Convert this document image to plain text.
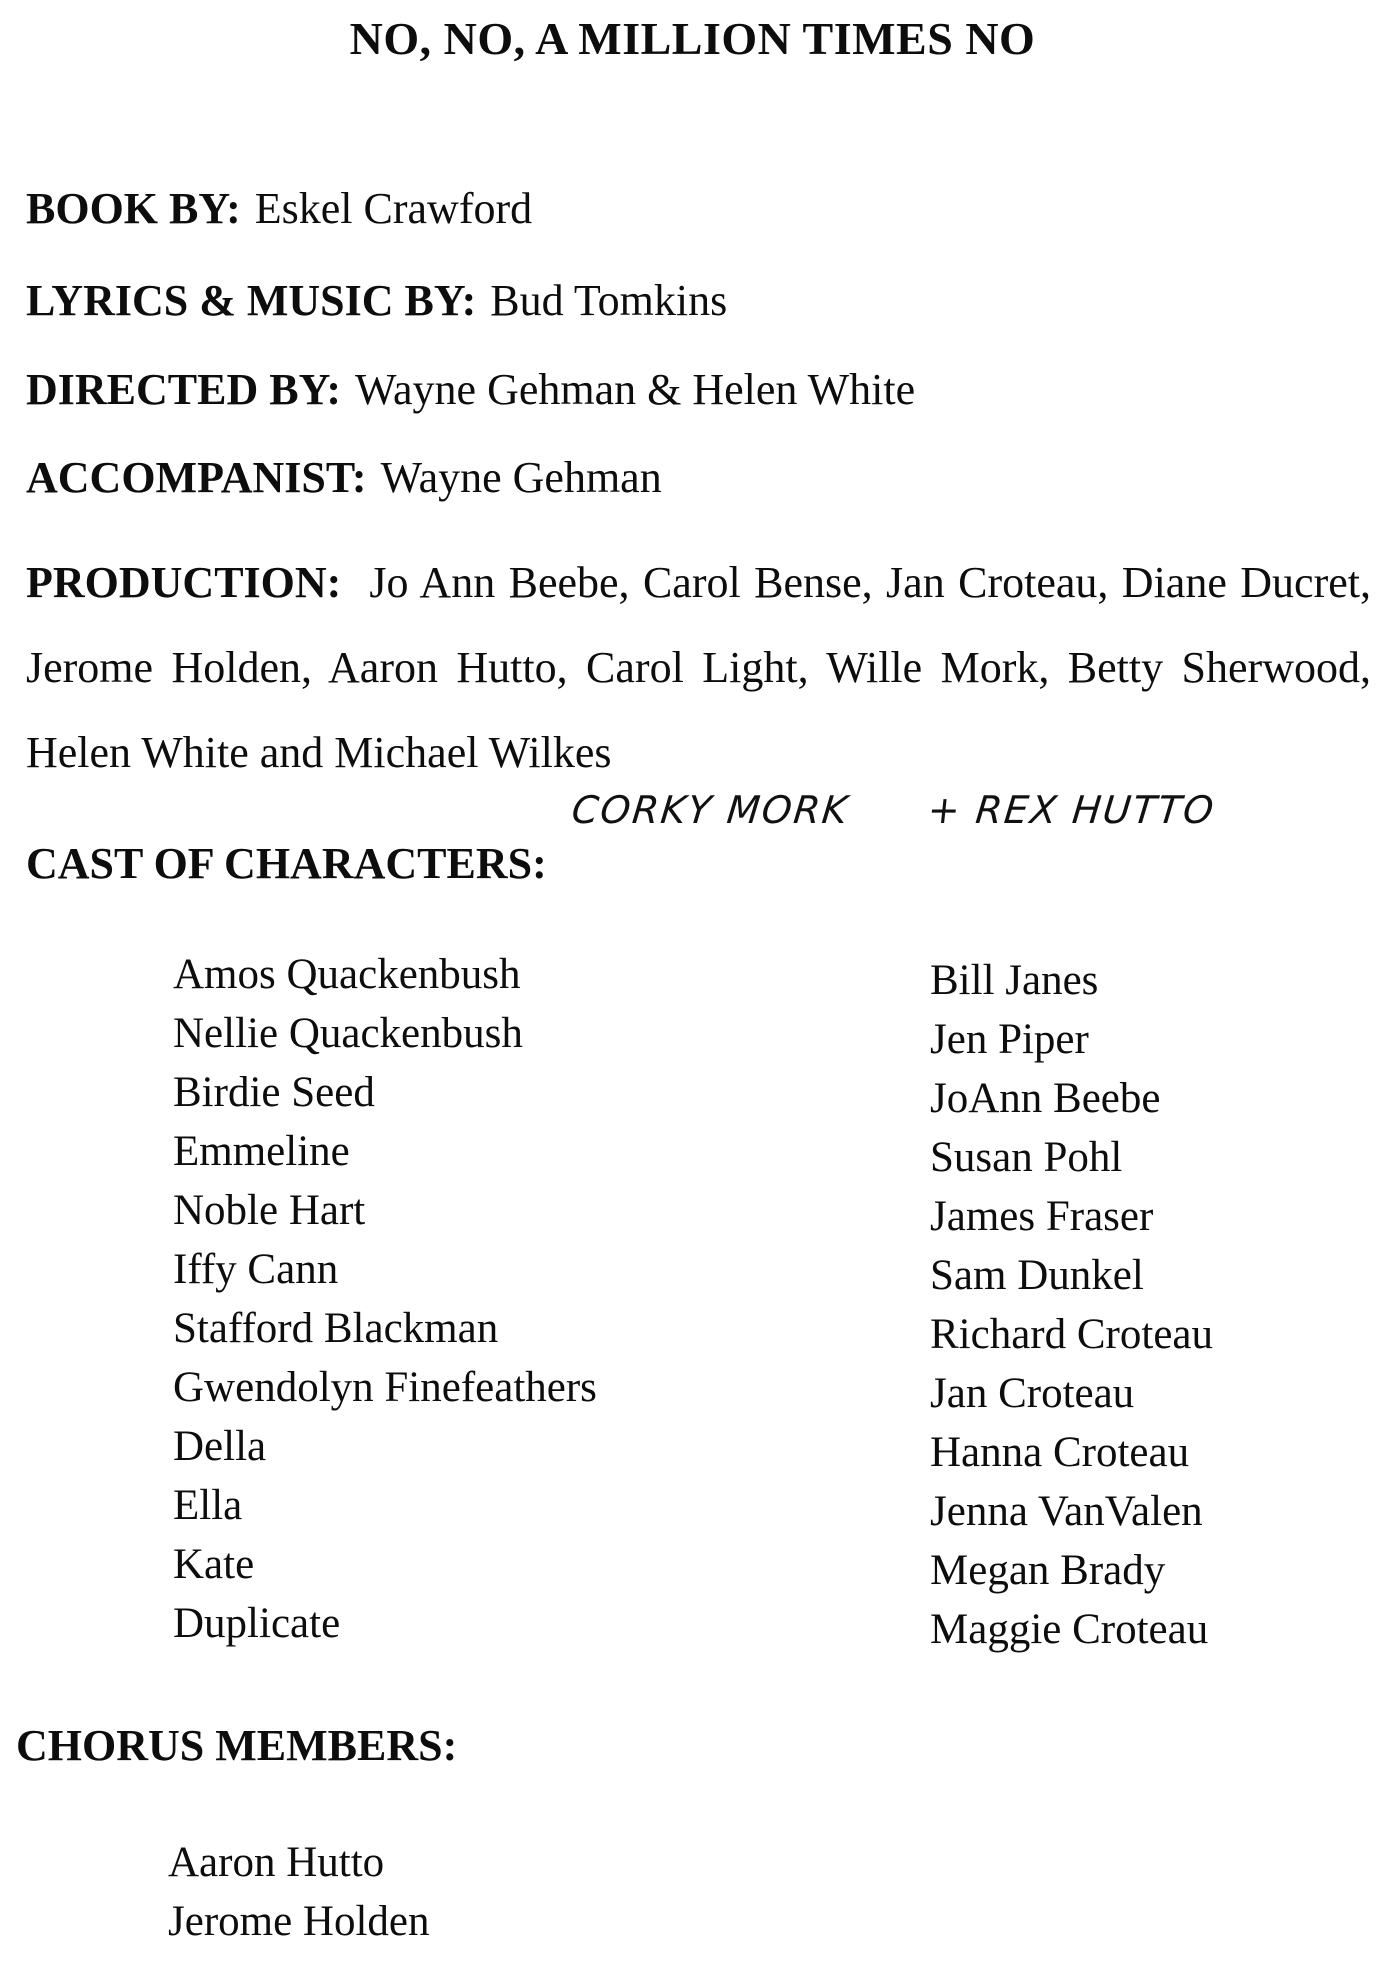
NO, NO, A MILLION TIMES NO

BOOK BY: Eskel Crawford

LYRICS & MUSIC BY: Bud Tomkins

DIRECTED BY: Wayne Gehman & Helen White

ACCOMPANIST: Wayne Gehman

PRODUCTION: Jo Ann Beebe, Carol Bense, Jan Croteau, Diane Ducret, Jerome Holden, Aaron Hutto, Carol Light, Wille Mork, Betty Sherwood, Helen White and Michael Wilkes

CORKY MORK + REX HUTTO
CAST OF CHARACTERS:
Amos Quackenbush	Bill Janes
Nellie Quackenbush	Jen Piper
Birdie Seed	JoAnn Beebe
Emmeline	Susan Pohl
Noble Hart	James Fraser
Iffy Cann	Sam Dunkel
Stafford Blackman	Richard Croteau
Gwendolyn Finefeathers	Jan Croteau
Della	Hanna Croteau
Ella	Jenna VanValen
Kate	Megan Brady
Duplicate	Maggie Croteau
CHORUS MEMBERS:
Aaron Hutto
Jerome Holden
